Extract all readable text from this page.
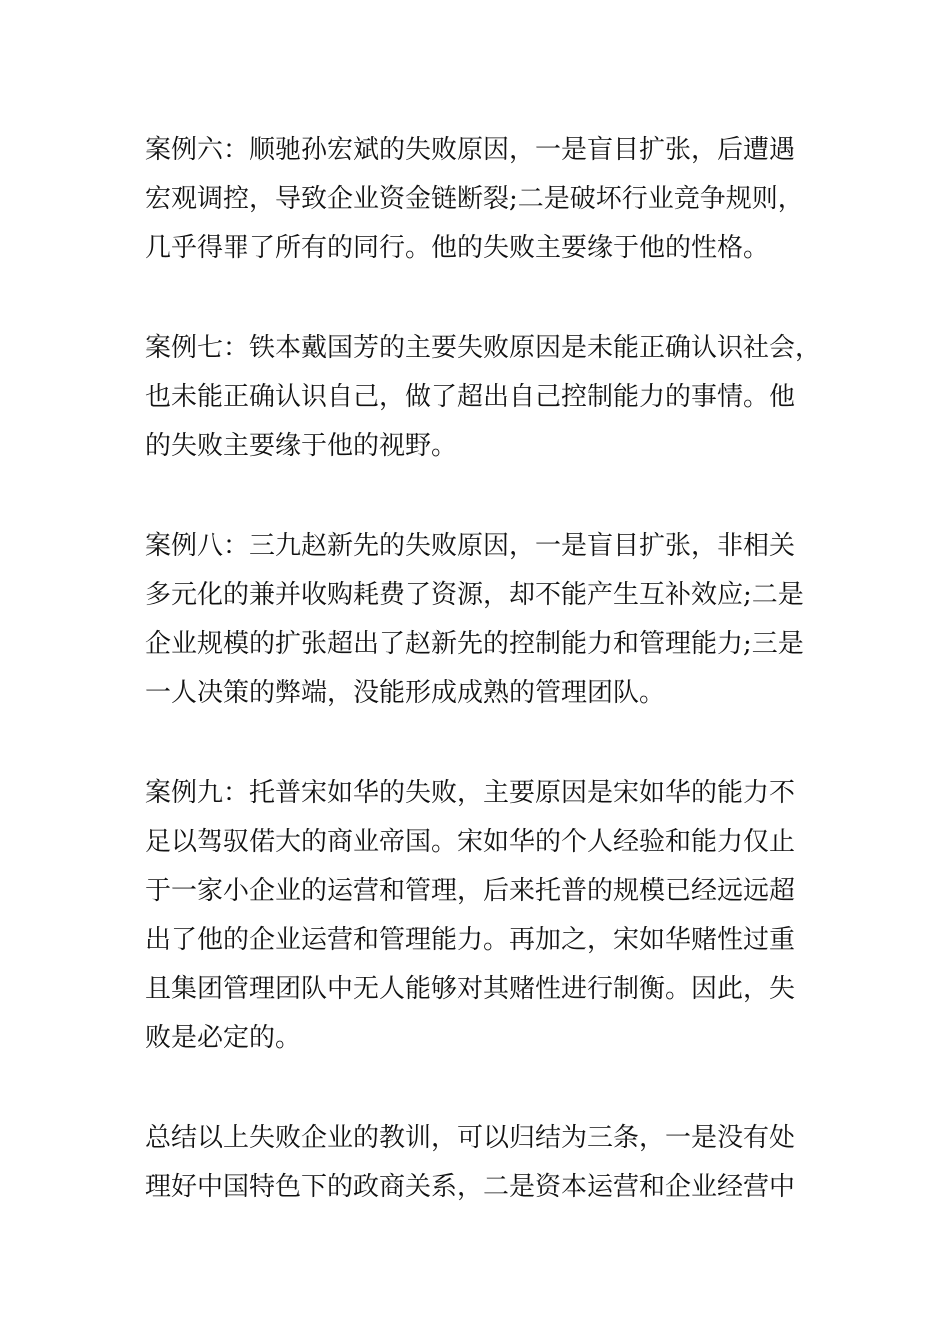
案例六：顺驰孙宏斌的失败原因，一是盲目扩张，后遭遇
宏观调控，导致企业资金链断裂;二是破坏行业竞争规则，
几乎得罪了所有的同行。他的失败主要缘于他的性格。
案例七：铁本戴国芳的主要失败原因是未能正确认识社会，
也未能正确认识自己，做了超出自己控制能力的事情。他
的失败主要缘于他的视野。
案例八：三九赵新先的失败原因，一是盲目扩张，非相关
多元化的兼并收购耗费了资源，却不能产生互补效应;二是
企业规模的扩张超出了赵新先的控制能力和管理能力;三是
一人决策的弊端，没能形成成熟的管理团队。
案例九：托普宋如华的失败，主要原因是宋如华的能力不
足以驾驭偌大的商业帝国。宋如华的个人经验和能力仅止
于一家小企业的运营和管理，后来托普的规模已经远远超
出了他的企业运营和管理能力。再加之，宋如华赌性过重
且集团管理团队中无人能够对其赌性进行制衡。因此，失
败是必定的。
总结以上失败企业的教训，可以归结为三条，一是没有处
理好中国特色下的政商关系，二是资本运营和企业经营中
